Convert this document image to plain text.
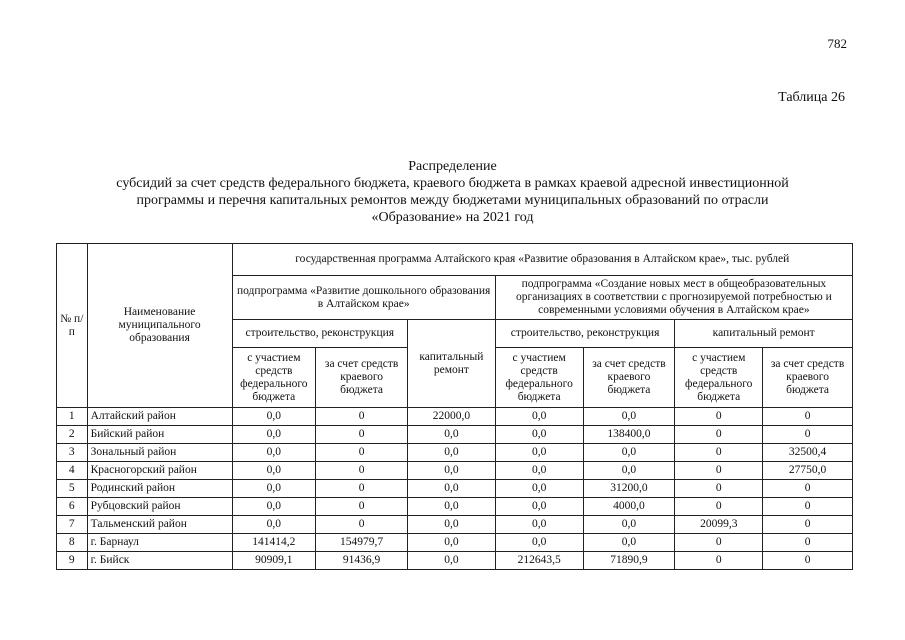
782
Таблица 26
Распределение
субсидий за счет средств федерального бюджета, краевого бюджета в рамках краевой адресной инвестиционной
программы и перечня капитальных ремонтов между бюджетами муниципальных образований по отрасли
«Образование» на 2021 год
№ п/п	Наименование муниципального образования	государственная программа Алтайского края «Развитие образования в Алтайском крае», тыс. рублей						
		подпрограмма «Развитие дошкольного образования в Алтайском крае»			подпрограмма «Создание новых мест в общеобразовательных организациях в соответствии с прогнозируемой потребностью и современными условиями обучения в Алтайском крае»			
		строительство, реконструкция		капитальный ремонт	строительство, реконструкция		капитальный ремонт	
		с участием средств федерального бюджета	за счет средств краевого бюджета		с участием средств федерального бюджета	за счет средств краевого бюджета	с участием средств федерального бюджета	за счет средств краевого бюджета

1	Алтайский район	0,0	0	22000,0	0,0	0,0	0	0
2	Бийский район	0,0	0	0,0	0,0	138400,0	0	0
3	Зональный район	0,0	0	0,0	0,0	0,0	0	32500,4
4	Красногорский район	0,0	0	0,0	0,0	0,0	0	27750,0
5	Родинский район	0,0	0	0,0	0,0	31200,0	0	0
6	Рубцовский район	0,0	0	0,0	0,0	4000,0	0	0
7	Тальменский район	0,0	0	0,0	0,0	0,0	20099,3	0
8	г. Барнаул	141414,2	154979,7	0,0	0,0	0,0	0	0
9	г. Бийск	90909,1	91436,9	0,0	212643,5	71890,9	0	0
